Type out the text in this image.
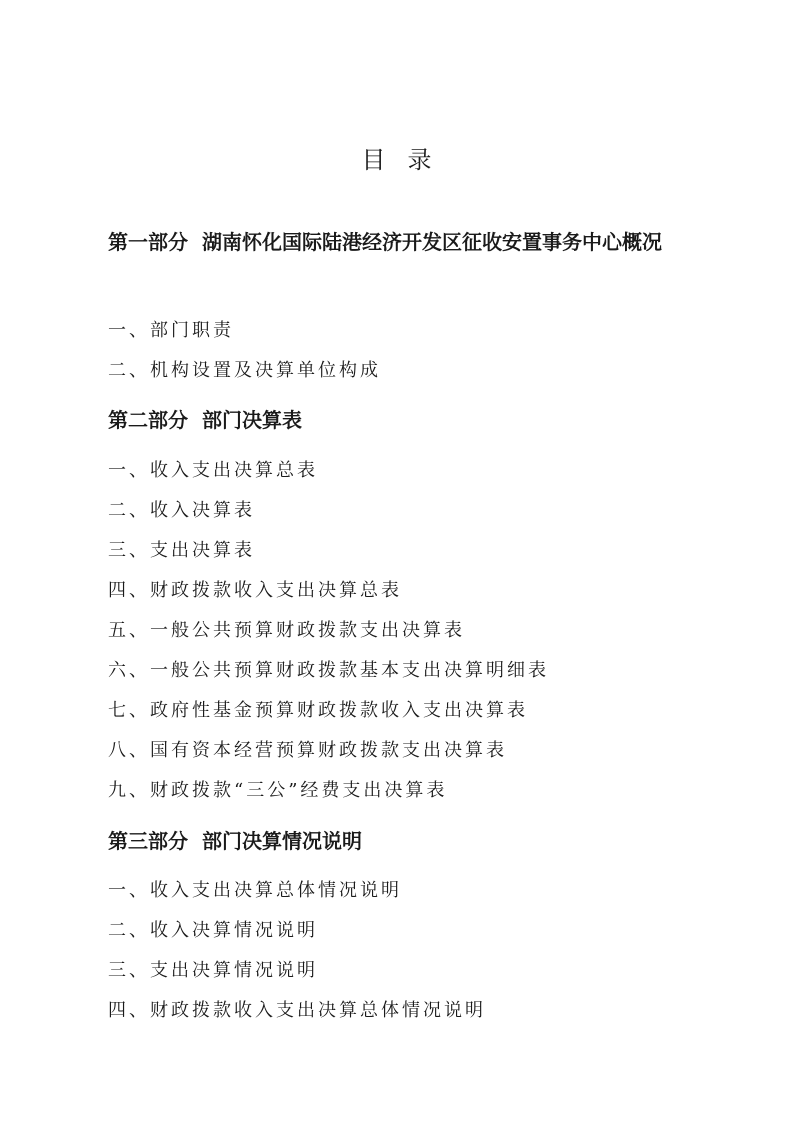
目 录
第一部分 湖南怀化国际陆港经济开发区征收安置事务中心概况
一、部门职责
二、机构设置及决算单位构成
第二部分 部门决算表
一、收入支出决算总表
二、收入决算表
三、支出决算表
四、财政拨款收入支出决算总表
五、一般公共预算财政拨款支出决算表
六、一般公共预算财政拨款基本支出决算明细表
七、政府性基金预算财政拨款收入支出决算表
八、国有资本经营预算财政拨款支出决算表
九、财政拨款“三公”经费支出决算表
第三部分 部门决算情况说明
一、收入支出决算总体情况说明
二、收入决算情况说明
三、支出决算情况说明
四、财政拨款收入支出决算总体情况说明
